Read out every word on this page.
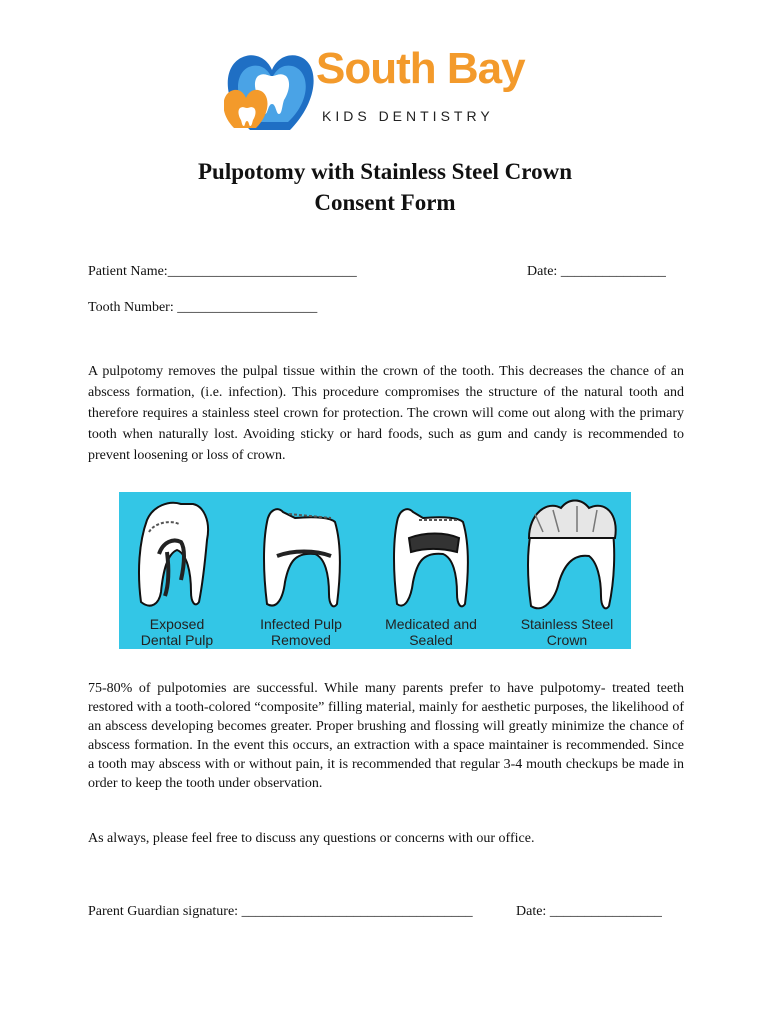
South Bay
KIDS DENTISTRY
Pulpotomy with Stainless Steel Crown
Consent Form
Patient Name:___________________________	Date: _______________
Tooth Number: ____________________
A pulpotomy removes the pulpal tissue within the crown of the tooth. This decreases the chance of an abscess formation, (i.e. infection). This procedure compromises the structure of the natural tooth and therefore requires a stainless steel crown for protection. The crown will come out along with the primary tooth when naturally lost. Avoiding sticky or hard foods, such as gum and candy is recommended to prevent loosening or loss of crown.
Exposed
Dental Pulp
Infected Pulp
Removed
Medicated and
Sealed
Stainless Steel
Crown
75-80% of pulpotomies are successful. While many parents prefer to have pulpotomy- treated teeth restored with a tooth-colored “composite” filling material, mainly for aesthetic purposes, the likelihood of an abscess developing becomes greater. Proper brushing and flossing will greatly minimize the chance of abscess formation. In the event this occurs, an extraction with a space maintainer is recommended. Since a tooth may abscess with or without pain, it is recommended that regular 3-4 mouth checkups be made in order to keep the tooth under observation.
As always, please feel free to discuss any questions or concerns with our office.
Parent Guardian signature: _________________________________	Date: ________________
